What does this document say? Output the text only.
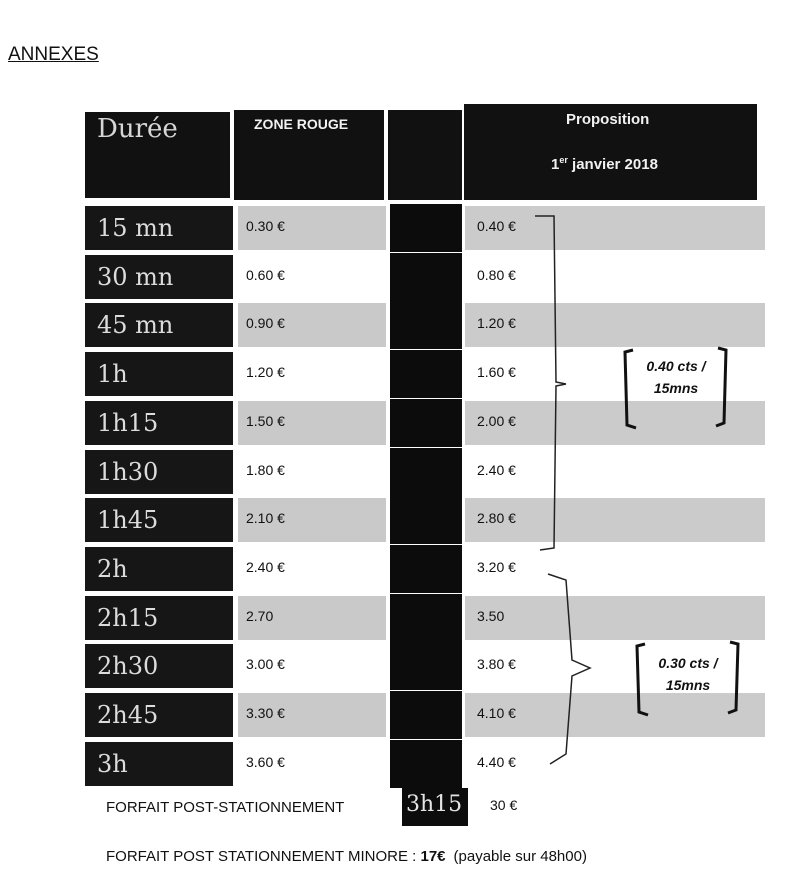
ANNEXES
Durée	ZONE ROUGE	Proposition
1er janvier 2018
15 mn	0.30 €	0.40 €
30 mn	0.60 €	0.80 €
45 mn	0.90 €	1.20 €
1h	1.20 €	1.60 €
1h15	1.50 €	2.00 €
1h30	1.80 €	2.40 €
1h45	2.10 €	2.80 €
2h	2.40 €	3.20 €
2h15	2.70	3.50
2h30	3.00 €	3.80 €
2h45	3.30 €	4.10 €
3h	3.60 €	4.40 €
FORFAIT POST-STATIONNEMENT	3h15 30 €
FORFAIT POST STATIONNEMENT MINORE : 17€ (payable sur 48h00)
0.40 cts /
15mns
0.30 cts /
15mns
